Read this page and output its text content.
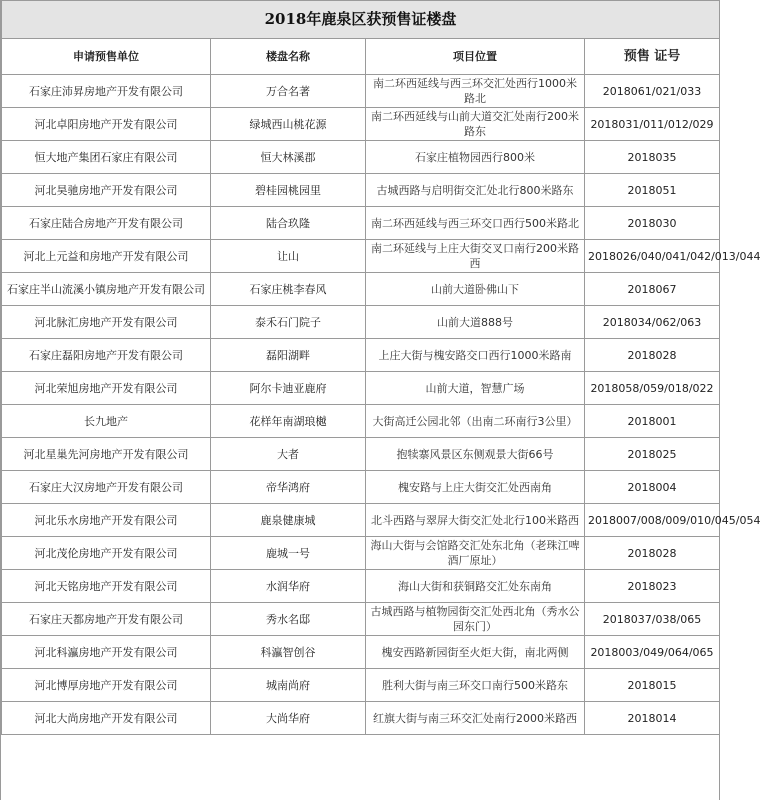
2018年鹿泉区获预售证楼盘			
申请预售单位	楼盘名称	项目位置	预售 证号
石家庄沛昇房地产开发有限公司	万合名著	南二环西延线与西三环交汇处西行1000米路北	2018061/021/033
河北卓阳房地产开发有限公司	绿城西山桃花源	南二环西延线与山前大道交汇处南行200米路东	2018031/011/012/029
恒大地产集团石家庄有限公司	恒大林溪郡	石家庄植物园西行800米	2018035
河北昊驰房地产开发有限公司	碧桂园桃园里	古城西路与启明街交汇处北行800米路东	2018051
石家庄陆合房地产开发有限公司	陆合玖隆	南二环西延线与西三环交口西行500米路北	2018030
河北上元益和房地产开发有限公司	让山	南二环延线与上庄大街交叉口南行200米路西	2018026/040/041/042/013/044
石家庄半山流溪小镇房地产开发有限公司	石家庄桃李春风	山前大道卧佛山下	2018067
河北脉汇房地产开发有限公司	泰禾石门院子	山前大道888号	2018034/062/063
石家庄磊阳房地产开发有限公司	磊阳湖畔	上庄大街与槐安路交口西行1000米路南	2018028
河北荣旭房地产开发有限公司	阿尔卡迪亚鹿府	山前大道，智慧广场	2018058/059/018/022
长九地产	花样年南湖琅樾	大街高迁公园北邻（出南二环南行3公里）	2018001
河北星巢先河房地产开发有限公司	大者	抱犊寨风景区东侧观景大街66号	2018025
石家庄大汉房地产开发有限公司	帝华鸿府	槐安路与上庄大街交汇处西南角	2018004
河北乐水房地产开发有限公司	鹿泉健康城	北斗西路与翠屏大街交汇处北行100米路西	2018007/008/009/010/045/054
河北茂伦房地产开发有限公司	鹿城一号	海山大街与会馆路交汇处东北角（老珠江啤酒厂原址）	2018028
河北天铭房地产开发有限公司	水润华府	海山大街和获铜路交汇处东南角	2018023
石家庄天都房地产开发有限公司	秀水名邸	古城西路与植物园街交汇处西北角（秀水公园东门）	2018037/038/065
河北科瀛房地产开发有限公司	科瀛智创谷	槐安西路新园街至火炬大街，南北两侧	2018003/049/064/065
河北博厚房地产开发有限公司	城南尚府	胜利大街与南三环交口南行500米路东	2018015
河北大尚房地产开发有限公司	大尚华府	红旗大街与南三环交汇处南行2000米路西	2018014
